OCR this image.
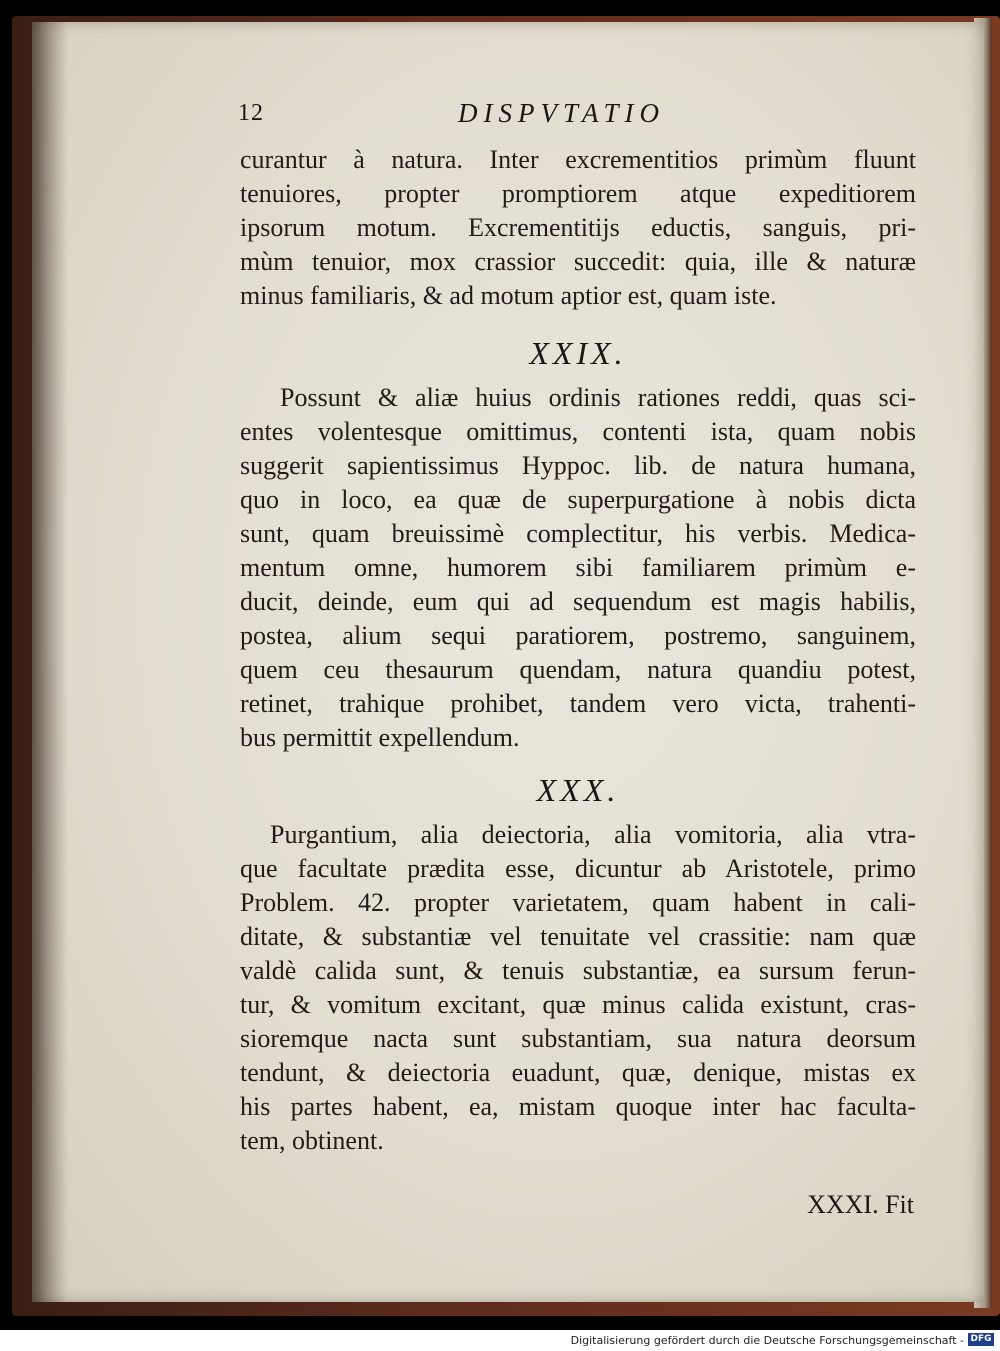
12	DISPVTATIO
curantur à natura. Inter excrementitios primùm fluunt
tenuiores, propter promptiorem atque expeditiorem
ipsorum motum. Excrementitijs eductis, sanguis, pri-
mùm tenuior, mox crassior succedit: quia, ille & naturæ
minus familiaris, & ad motum aptior est, quam iste.
XXIX.
Possunt & aliæ huius ordinis rationes reddi, quas sci-
entes volentesque omittimus, contenti ista, quam nobis
suggerit sapientissimus Hyppoc. lib. de natura humana,
quo in loco, ea quæ de superpurgatione à nobis dicta
sunt, quam breuissimè complectitur, his verbis. Medica-
mentum omne, humorem sibi familiarem primùm e-
ducit, deinde, eum qui ad sequendum est magis habilis,
postea, alium sequi paratiorem, postremo, sanguinem,
quem ceu thesaurum quendam, natura quandiu potest,
retinet, trahique prohibet, tandem vero victa, trahenti-
bus permittit expellendum.
XXX.
Purgantium, alia deiectoria, alia vomitoria, alia vtra-
que facultate prædita esse, dicuntur ab Aristotele, primo
Problem. 42. propter varietatem, quam habent in cali-
ditate, & substantiæ vel tenuitate vel crassitie: nam quæ
valdè calida sunt, & tenuis substantiæ, ea sursum ferun-
tur, & vomitum excitant, quæ minus calida existunt, cras-
sioremque nacta sunt substantiam, sua natura deorsum
tendunt, & deiectoria euadunt, quæ, denique, mistas ex
his partes habent, ea, mistam quoque inter hac faculta-
tem, obtinent.
XXXI. Fit
Digitalisierung gefördert durch die Deutsche Forschungsgemeinschaft - DFG
